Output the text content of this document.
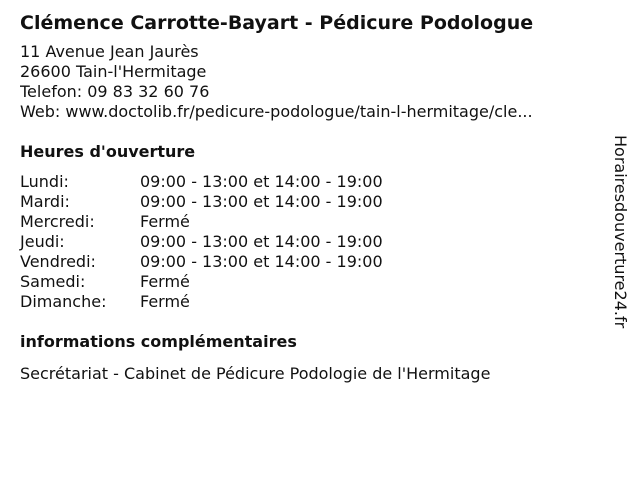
Clémence Carrotte-Bayart - Pédicure Podologue
11 Avenue Jean Jaurès
26600 Tain-l'Hermitage
Telefon: 09 83 32 60 76
Web: www.doctolib.fr/pedicure-podologue/tain-l-hermitage/cle...
Heures d'ouverture
Lundi:	09:00 - 13:00 et 14:00 - 19:00
Mardi:	09:00 - 13:00 et 14:00 - 19:00
Mercredi:	Fermé
Jeudi:	09:00 - 13:00 et 14:00 - 19:00
Vendredi:	09:00 - 13:00 et 14:00 - 19:00
Samedi:	Fermé
Dimanche:	Fermé
informations complémentaires
Secrétariat - Cabinet de Pédicure Podologie de l'Hermitage
Horairesdouverture24.fr
